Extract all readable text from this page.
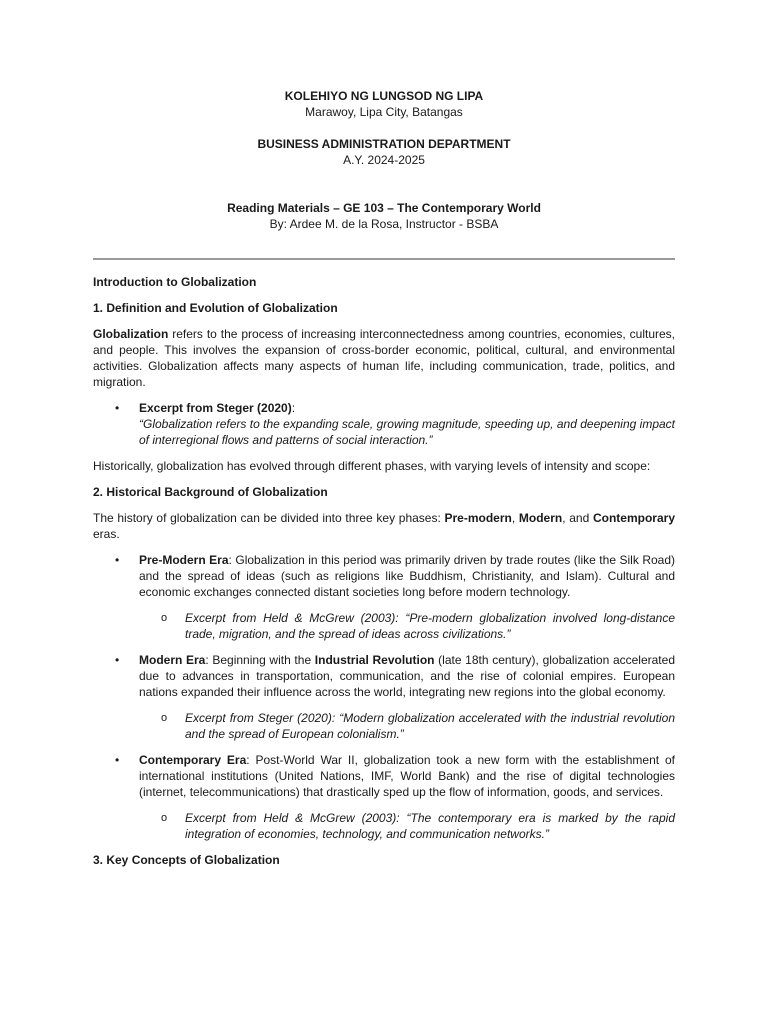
KOLEHIYO NG LUNGSOD NG LIPA
Marawoy, Lipa City, Batangas
BUSINESS ADMINISTRATION DEPARTMENT
A.Y. 2024-2025
Reading Materials – GE 103 – The Contemporary World
By: Ardee M. de la Rosa, Instructor - BSBA
Introduction to Globalization
1. Definition and Evolution of Globalization

Globalization refers to the process of increasing interconnectedness among countries, economies, cultures, and people. This involves the expansion of cross-border economic, political, cultural, and environmental activities. Globalization affects many aspects of human life, including communication, trade, politics, and migration.

• Excerpt from Steger (2020):
“Globalization refers to the expanding scale, growing magnitude, speeding up, and deepening impact of interregional flows and patterns of social interaction.”

Historically, globalization has evolved through different phases, with varying levels of intensity and scope:

2. Historical Background of Globalization

The history of globalization can be divided into three key phases: Pre-modern, Modern, and Contemporary eras.

• Pre-Modern Era: Globalization in this period was primarily driven by trade routes (like the Silk Road) and the spread of ideas (such as religions like Buddhism, Christianity, and Islam). Cultural and economic exchanges connected distant societies long before modern technology.
o Excerpt from Held & McGrew (2003): “Pre-modern globalization involved long-distance trade, migration, and the spread of ideas across civilizations.”
• Modern Era: Beginning with the Industrial Revolution (late 18th century), globalization accelerated due to advances in transportation, communication, and the rise of colonial empires. European nations expanded their influence across the world, integrating new regions into the global economy.
o Excerpt from Steger (2020): “Modern globalization accelerated with the industrial revolution and the spread of European colonialism.”
• Contemporary Era: Post-World War II, globalization took a new form with the establishment of international institutions (United Nations, IMF, World Bank) and the rise of digital technologies (internet, telecommunications) that drastically sped up the flow of information, goods, and services.
o Excerpt from Held & McGrew (2003): “The contemporary era is marked by the rapid integration of economies, technology, and communication networks.”
3. Key Concepts of Globalization
